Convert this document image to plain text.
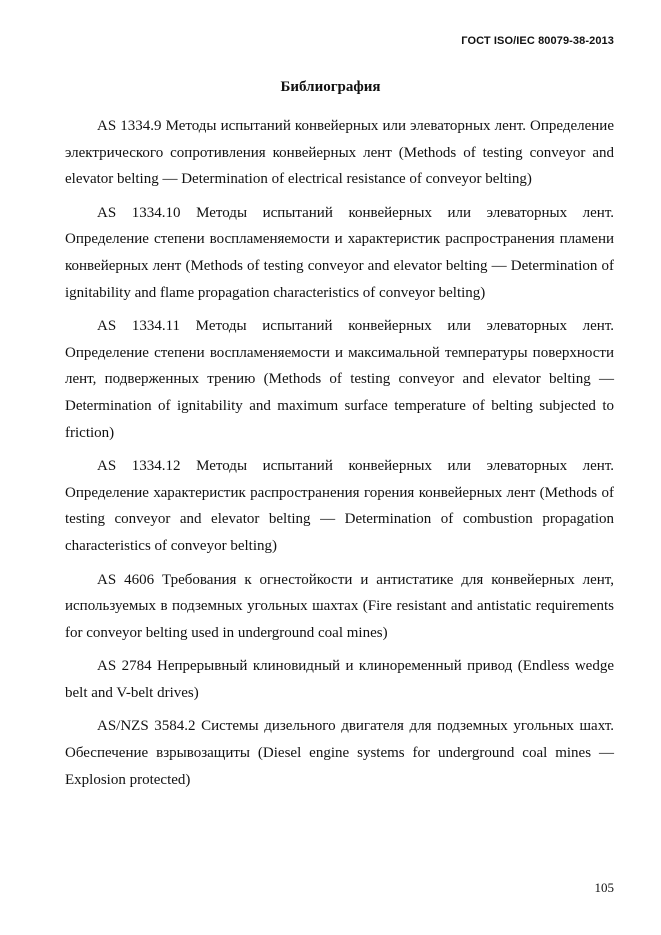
ГОСТ ISO/IEC 80079-38-2013
Библиография

AS 1334.9 Методы испытаний конвейерных или элеваторных лент. Определение электрического сопротивления конвейерных лент (Methods of testing conveyor and elevator belting — Determination of electrical resistance of conveyor belting)

AS 1334.10 Методы испытаний конвейерных или элеваторных лент. Определение степени воспламеняемости и характеристик распространения пламени конвейерных лент (Methods of testing conveyor and elevator belting — Determination of ignitability and flame propagation characteristics of conveyor belting)

AS 1334.11 Методы испытаний конвейерных или элеваторных лент. Определение степени воспламеняемости и максимальной температуры поверхности лент, подверженных трению (Methods of testing conveyor and elevator belting — Determination of ignitability and maximum surface temperature of belting subjected to friction)

AS 1334.12 Методы испытаний конвейерных или элеваторных лент. Определение характеристик распространения горения конвейерных лент (Methods of testing conveyor and elevator belting — Determination of combustion propagation characteristics of conveyor belting)

AS 4606 Требования к огнестойкости и антистатике для конвейерных лент, используемых в подземных угольных шахтах (Fire resistant and antistatic requirements for conveyor belting used in underground coal mines)

AS 2784 Непрерывный клиновидный и клиноременный привод (Endless wedge belt and V-belt drives)

AS/NZS 3584.2 Системы дизельного двигателя для подземных угольных шахт. Обеспечение взрывозащиты (Diesel engine systems for underground coal mines — Explosion protected)

105
